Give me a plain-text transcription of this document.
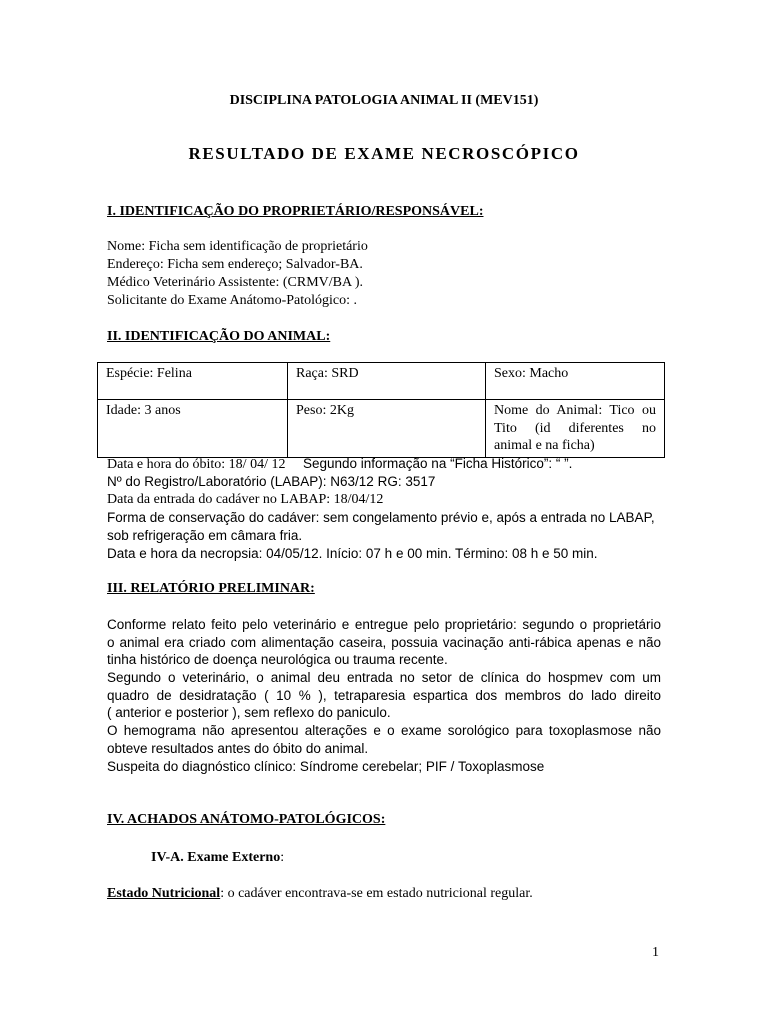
DISCIPLINA PATOLOGIA ANIMAL II (MEV151)
RESULTADO DE EXAME NECROSCÓPICO
I. IDENTIFICAÇÃO DO PROPRIETÁRIO/RESPONSÁVEL:
Nome: Ficha sem identificação de proprietário
Endereço: Ficha sem endereço; Salvador-BA.
Médico Veterinário Assistente: (CRMV/BA ).
Solicitante do Exame Anátomo-Patológico: .
II. IDENTIFICAÇÃO DO ANIMAL:
Espécie: Felina	Raça: SRD	Sexo: Macho
Idade: 3 anos	Peso: 2Kg	Nome do Animal: Tico ou
Tito (id diferentes no
animal e na ficha)
Data e hora do óbito: 18/ 04/ 12 Segundo informação na “Ficha Histórico”: “ ”.
Nº do Registro/Laboratório (LABAP): N63/12 RG: 3517
Data da entrada do cadáver no LABAP: 18/04/12
Forma de conservação do cadáver: sem congelamento prévio e, após a entrada no LABAP,
sob refrigeração em câmara fria.
Data e hora da necropsia: 04/05/12. Início: 07 h e 00 min. Término: 08 h e 50 min.
III. RELATÓRIO PRELIMINAR:
Conforme relato feito pelo veterinário e entregue pelo proprietário: segundo o proprietário
o animal era criado com alimentação caseira, possuia vacinação anti-rábica apenas e não
tinha histórico de doença neurológica ou trauma recente.
Segundo o veterinário, o animal deu entrada no setor de clínica do hospmev com um
quadro de desidratação ( 10 % ), tetraparesia espartica dos membros do lado direito
( anterior e posterior ), sem reflexo do paniculo.
O hemograma não apresentou alterações e o exame sorológico para toxoplasmose não
obteve resultados antes do óbito do animal.
Suspeita do diagnóstico clínico: Síndrome cerebelar; PIF / Toxoplasmose
IV. ACHADOS ANÁTOMO-PATOLÓGICOS:
IV-A. Exame Externo:
Estado Nutricional: o cadáver encontrava-se em estado nutricional regular.
1
